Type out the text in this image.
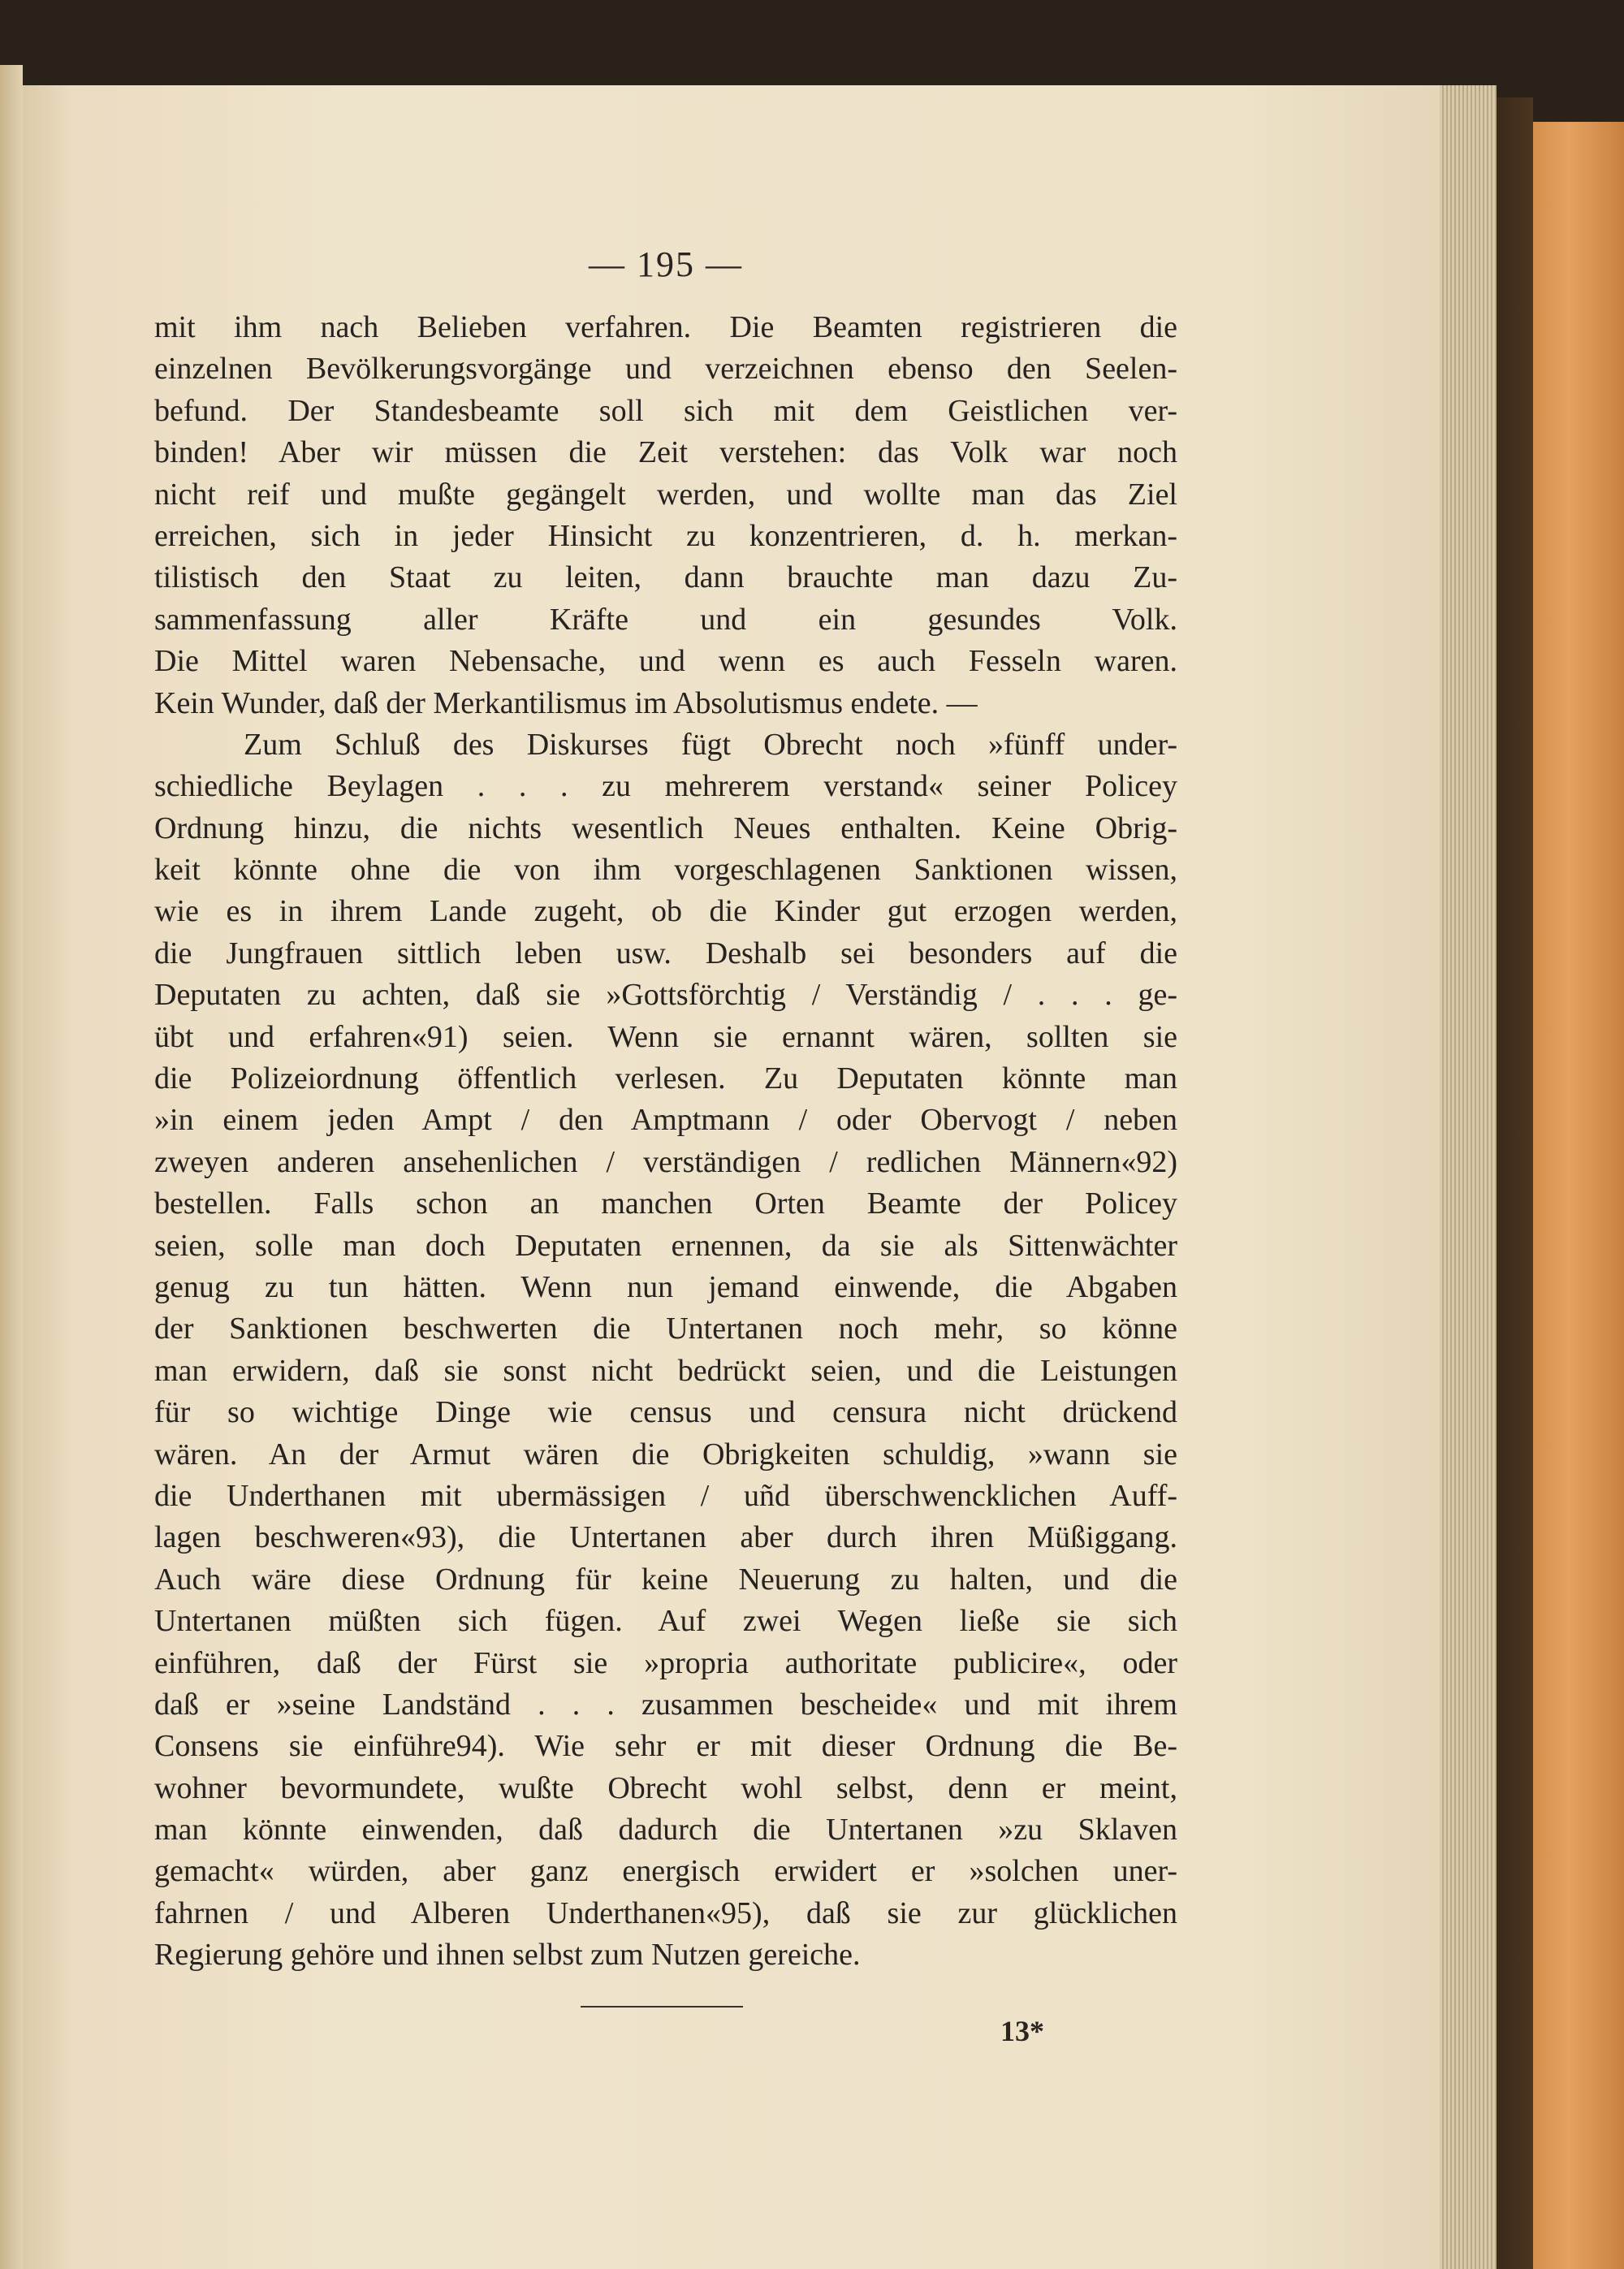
— 195 —
mit ihm nach Belieben verfahren. Die Beamten registrieren die
einzelnen Bevölkerungsvorgänge und verzeichnen ebenso den Seelen-
befund. Der Standesbeamte soll sich mit dem Geistlichen ver-
binden! Aber wir müssen die Zeit verstehen: das Volk war noch
nicht reif und mußte gegängelt werden, und wollte man das Ziel
erreichen, sich in jeder Hinsicht zu konzentrieren, d. h. merkan-
tilistisch den Staat zu leiten, dann brauchte man dazu Zu-
sammenfassung aller Kräfte und ein gesundes Volk.
Die Mittel waren Nebensache, und wenn es auch Fesseln waren.
Kein Wunder, daß der Merkantilismus im Absolutismus endete. —
Zum Schluß des Diskurses fügt Obrecht noch »fünff under-
schiedliche Beylagen . . . zu mehrerem verstand« seiner Policey
Ordnung hinzu, die nichts wesentlich Neues enthalten. Keine Obrig-
keit könnte ohne die von ihm vorgeschlagenen Sanktionen wissen,
wie es in ihrem Lande zugeht, ob die Kinder gut erzogen werden,
die Jungfrauen sittlich leben usw. Deshalb sei besonders auf die
Deputaten zu achten, daß sie »Gottsförchtig / Verständig / . . . ge-
übt und erfahren«91) seien. Wenn sie ernannt wären, sollten sie
die Polizeiordnung öffentlich verlesen. Zu Deputaten könnte man
»in einem jeden Ampt / den Amptmann / oder Obervogt / neben
zweyen anderen ansehenlichen / verständigen / redlichen Männern«92)
bestellen. Falls schon an manchen Orten Beamte der Policey
seien, solle man doch Deputaten ernennen, da sie als Sittenwächter
genug zu tun hätten. Wenn nun jemand einwende, die Abgaben
der Sanktionen beschwerten die Untertanen noch mehr, so könne
man erwidern, daß sie sonst nicht bedrückt seien, und die Leistungen
für so wichtige Dinge wie census und censura nicht drückend
wären. An der Armut wären die Obrigkeiten schuldig, »wann sie
die Underthanen mit ubermässigen / uñd überschwencklichen Auff-
lagen beschweren«93), die Untertanen aber durch ihren Müßiggang.
Auch wäre diese Ordnung für keine Neuerung zu halten, und die
Untertanen müßten sich fügen. Auf zwei Wegen ließe sie sich
einführen, daß der Fürst sie »propria authoritate publicire«, oder
daß er »seine Landständ . . . zusammen bescheide« und mit ihrem
Consens sie einführe94). Wie sehr er mit dieser Ordnung die Be-
wohner bevormundete, wußte Obrecht wohl selbst, denn er meint,
man könnte einwenden, daß dadurch die Untertanen »zu Sklaven
gemacht« würden, aber ganz energisch erwidert er »solchen uner-
fahrnen / und Alberen Underthanen«95), daß sie zur glücklichen
Regierung gehöre und ihnen selbst zum Nutzen gereiche.
13*
